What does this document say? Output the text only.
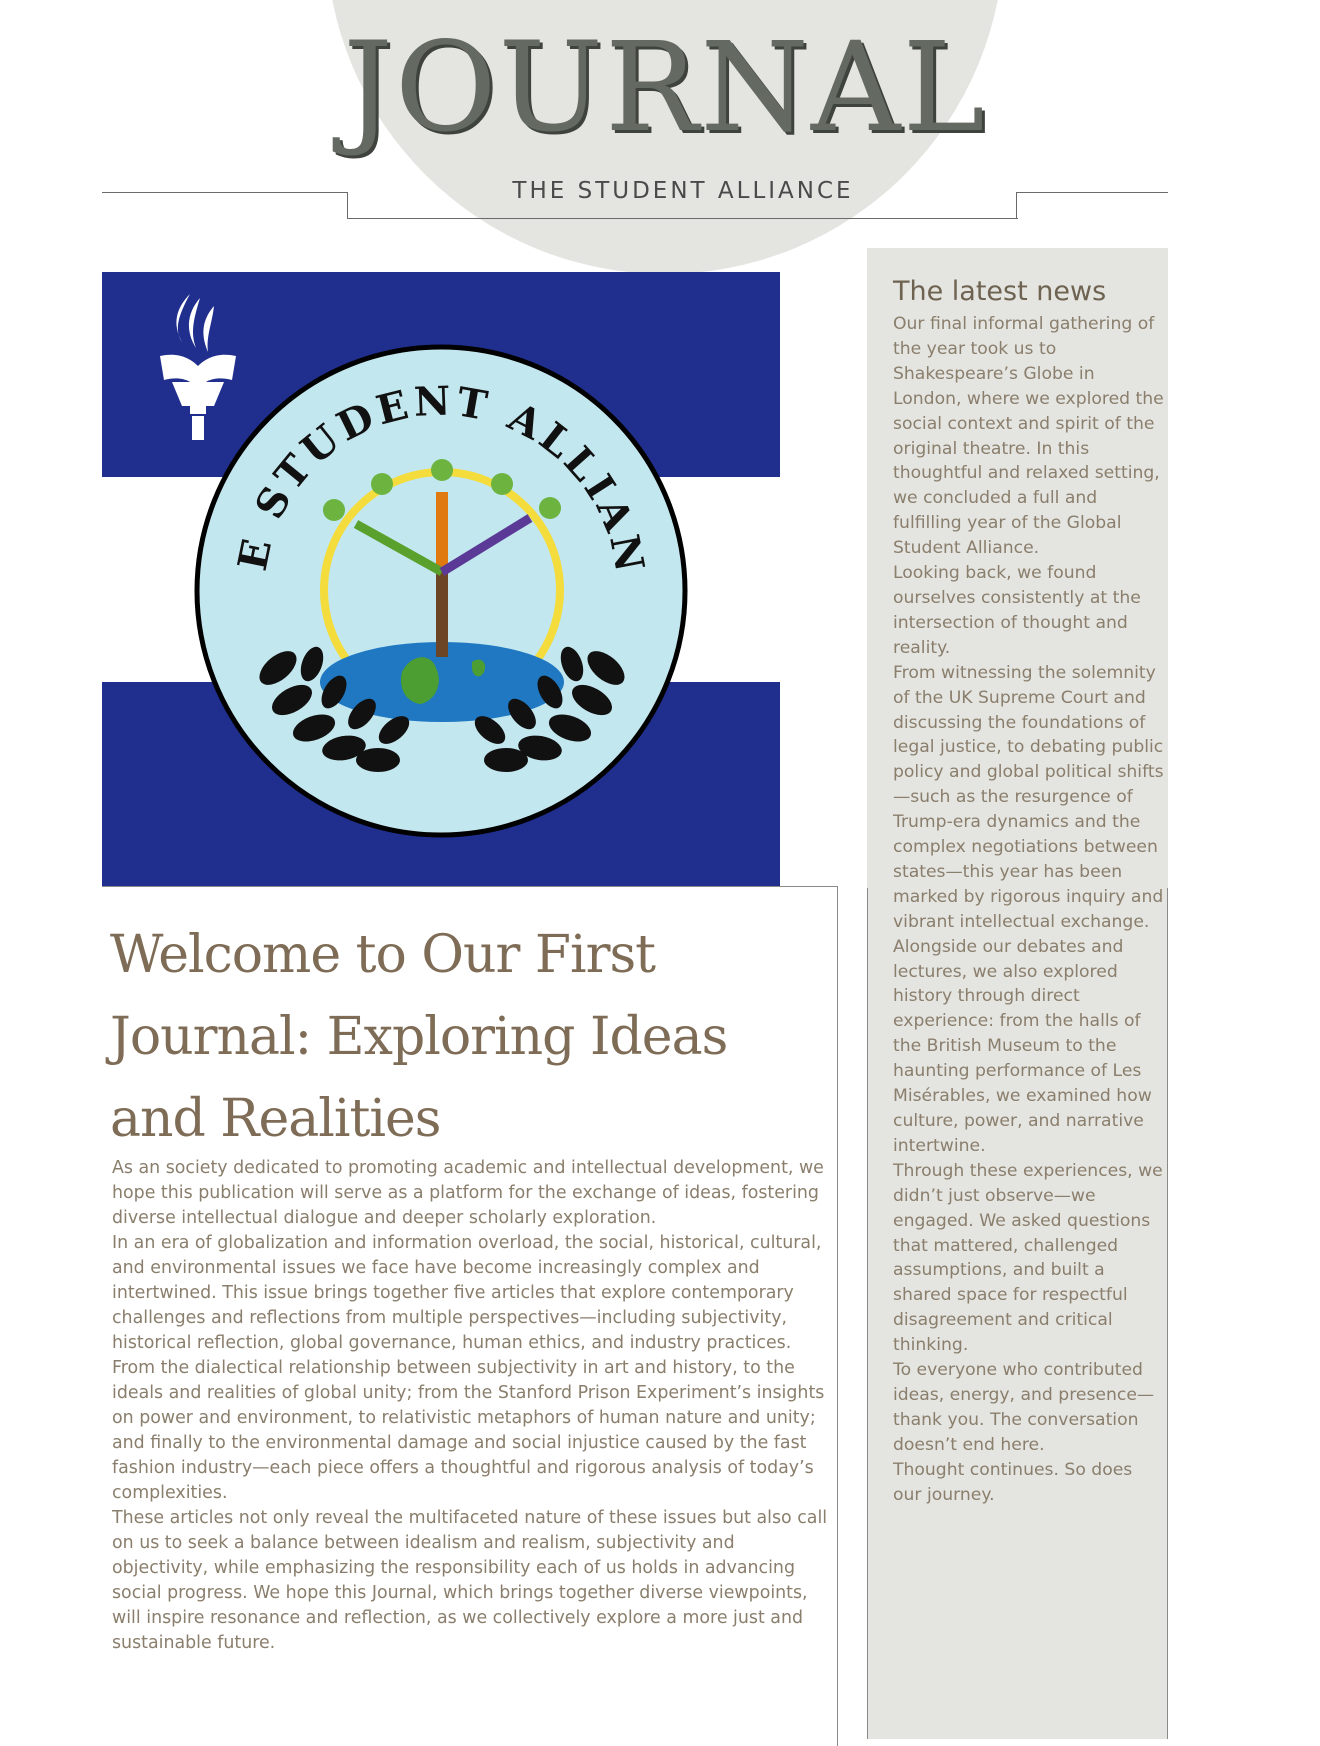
JOURNAL
THE STUDENT ALLIANCE
The latest news

Our final informal gathering of the year took us to Shakespeare’s Globe in London, where we explored the social context and spirit of the original theatre. In this thoughtful and relaxed setting, we concluded a full and fulfilling year of the Global Student Alliance.

Looking back, we found ourselves consistently at the intersection of thought and reality.

From witnessing the solemnity of the UK Supreme Court and discussing the foundations of legal justice, to debating public policy and global political shifts—such as the resurgence of Trump-era dynamics and the complex negotiations between states—this year has been marked by rigorous inquiry and vibrant intellectual exchange.

Alongside our debates and lectures, we also explored history through direct experience: from the halls of the British Museum to the haunting performance of Les Misérables, we examined how culture, power, and narrative intertwine.

Through these experiences, we didn’t just observe—we engaged. We asked questions that mattered, challenged assumptions, and built a shared space for respectful disagreement and critical thinking.

To everyone who contributed ideas, energy, and presence—thank you. The conversation doesn’t end here.

Thought continues. So does our journey.

E STUDENT ALLIAN
Welcome to Our First Journal: Exploring Ideas and Realities

As an society dedicated to promoting academic and intellectual development, we hope this publication will serve as a platform for the exchange of ideas, fostering diverse intellectual dialogue and deeper scholarly exploration.

In an era of globalization and information overload, the social, historical, cultural, and environmental issues we face have become increasingly complex and intertwined. This issue brings together five articles that explore contemporary challenges and reflections from multiple perspectives—including subjectivity, historical reflection, global governance, human ethics, and industry practices.

From the dialectical relationship between subjectivity in art and history, to the ideals and realities of global unity; from the Stanford Prison Experiment’s insights on power and environment, to relativistic metaphors of human nature and unity; and finally to the environmental damage and social injustice caused by the fast fashion industry—each piece offers a thoughtful and rigorous analysis of today’s complexities.

These articles not only reveal the multifaceted nature of these issues but also call on us to seek a balance between idealism and realism, subjectivity and objectivity, while emphasizing the responsibility each of us holds in advancing social progress. We hope this Journal, which brings together diverse viewpoints, will inspire resonance and reflection, as we collectively explore a more just and sustainable future.
